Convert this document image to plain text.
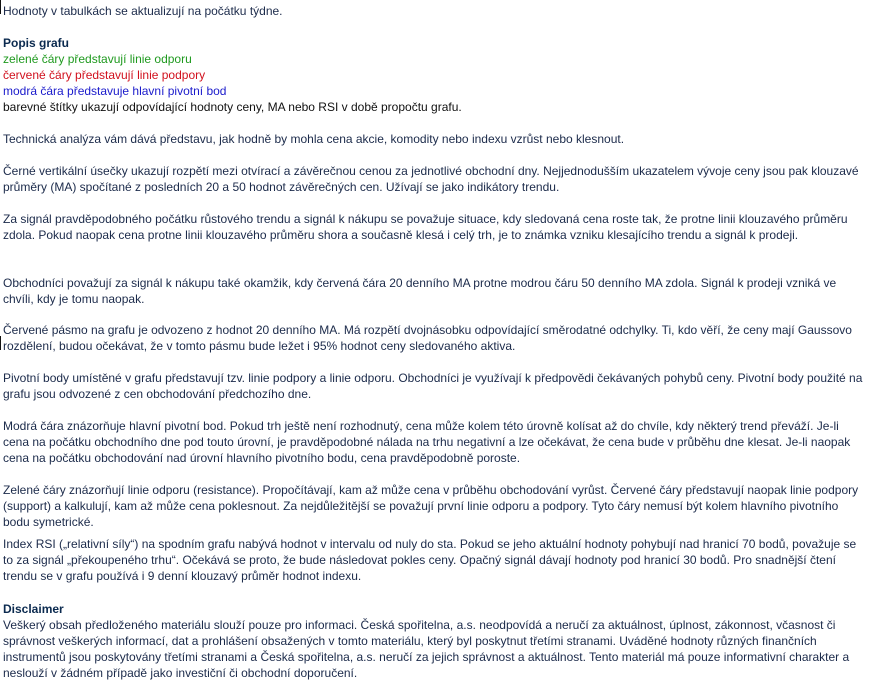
Hodnoty v tabulkách se aktualizují na počátku týdne.

Popis grafu

zelené čáry představují linie odporu

červené čáry představují linie podpory

modrá čára představuje hlavní pivotní bod

barevné štítky ukazují odpovídající hodnoty ceny, MA nebo RSI v době propočtu grafu.

Technická analýza vám dává představu, jak hodně by mohla cena akcie, komodity nebo indexu vzrůst nebo klesnout.

Černé vertikální úsečky ukazují rozpětí mezi otvírací a závěrečnou cenou za jednotlivé obchodní dny. Nejjednodušším ukazatelem vývoje ceny jsou pak klouzavé průměry (MA) spočítané z posledních 20 a 50 hodnot závěrečných cen. Užívají se jako indikátory trendu.

Za signál pravděpodobného počátku růstového trendu a signál k nákupu se považuje situace, kdy sledovaná cena roste tak, že protne linii klouzavého průměru zdola. Pokud naopak cena protne linii klouzavého průměru shora a současně klesá i celý trh, je to známka vzniku klesajícího trendu a signál k prodeji.

Obchodníci považují za signál k nákupu také okamžik, kdy červená čára 20 denního MA protne modrou čáru 50 denního MA zdola. Signál k prodeji vzniká ve chvíli, kdy je tomu naopak.

Červené pásmo na grafu je odvozeno z hodnot 20 denního MA. Má rozpětí dvojnásobku odpovídající směrodatné odchylky. Ti, kdo věří, že ceny mají Gaussovo rozdělení, budou očekávat, že v tomto pásmu bude ležet i 95% hodnot ceny sledovaného aktiva.

Pivotní body umístěné v grafu představují tzv. linie podpory a linie odporu. Obchodníci je využívají k předpovědi čekávaných pohybů ceny. Pivotní body použité na grafu jsou odvozené z cen obchodování předchozího dne.

Modrá čára znázorňuje hlavní pivotní bod. Pokud trh ještě není rozhodnutý, cena může kolem této úrovně kolísat až do chvíle, kdy některý trend převáží. Je-li cena na počátku obchodního dne pod touto úrovní, je pravděpodobné nálada na trhu negativní a lze očekávat, že cena bude v průběhu dne klesat. Je-li naopak cena na počátku obchodování nad úrovní hlavního pivotního bodu, cena pravděpodobně poroste.

Zelené čáry znázorňují linie odporu (resistance). Propočítávají, kam až může cena v průběhu obchodování vyrůst. Červené čáry představují naopak linie podpory (support) a kalkulují, kam až může cena poklesnout. Za nejdůležitější se považují první linie odporu a podpory. Tyto čáry nemusí být kolem hlavního pivotního bodu symetrické.

Index RSI („relativní síly“) na spodním grafu nabývá hodnot v intervalu od nuly do sta. Pokud se jeho aktuální hodnoty pohybují nad hranicí 70 bodů, považuje se to za signál „překoupeného trhu“. Očekává se proto, že bude následovat pokles ceny. Opačný signál dávají hodnoty pod hranicí 30 bodů. Pro snadnější čtení trendu se v grafu používá i 9 denní klouzavý průměr hodnot indexu.

Disclaimer

Veškerý obsah předloženého materiálu slouží pouze pro informaci. Česká spořitelna, a.s. neodpovídá a neručí za aktuálnost, úplnost, zákonnost, včasnost či správnost veškerých informací, dat a prohlášení obsažených v tomto materiálu, který byl poskytnut třetími stranami. Uváděné hodnoty různých finančních instrumentů jsou poskytovány třetími stranami a Česká spořitelna, a.s. neručí za jejich správnost a aktuálnost. Tento materiál má pouze informativní charakter a neslouží v žádném případě jako investiční či obchodní doporučení.
